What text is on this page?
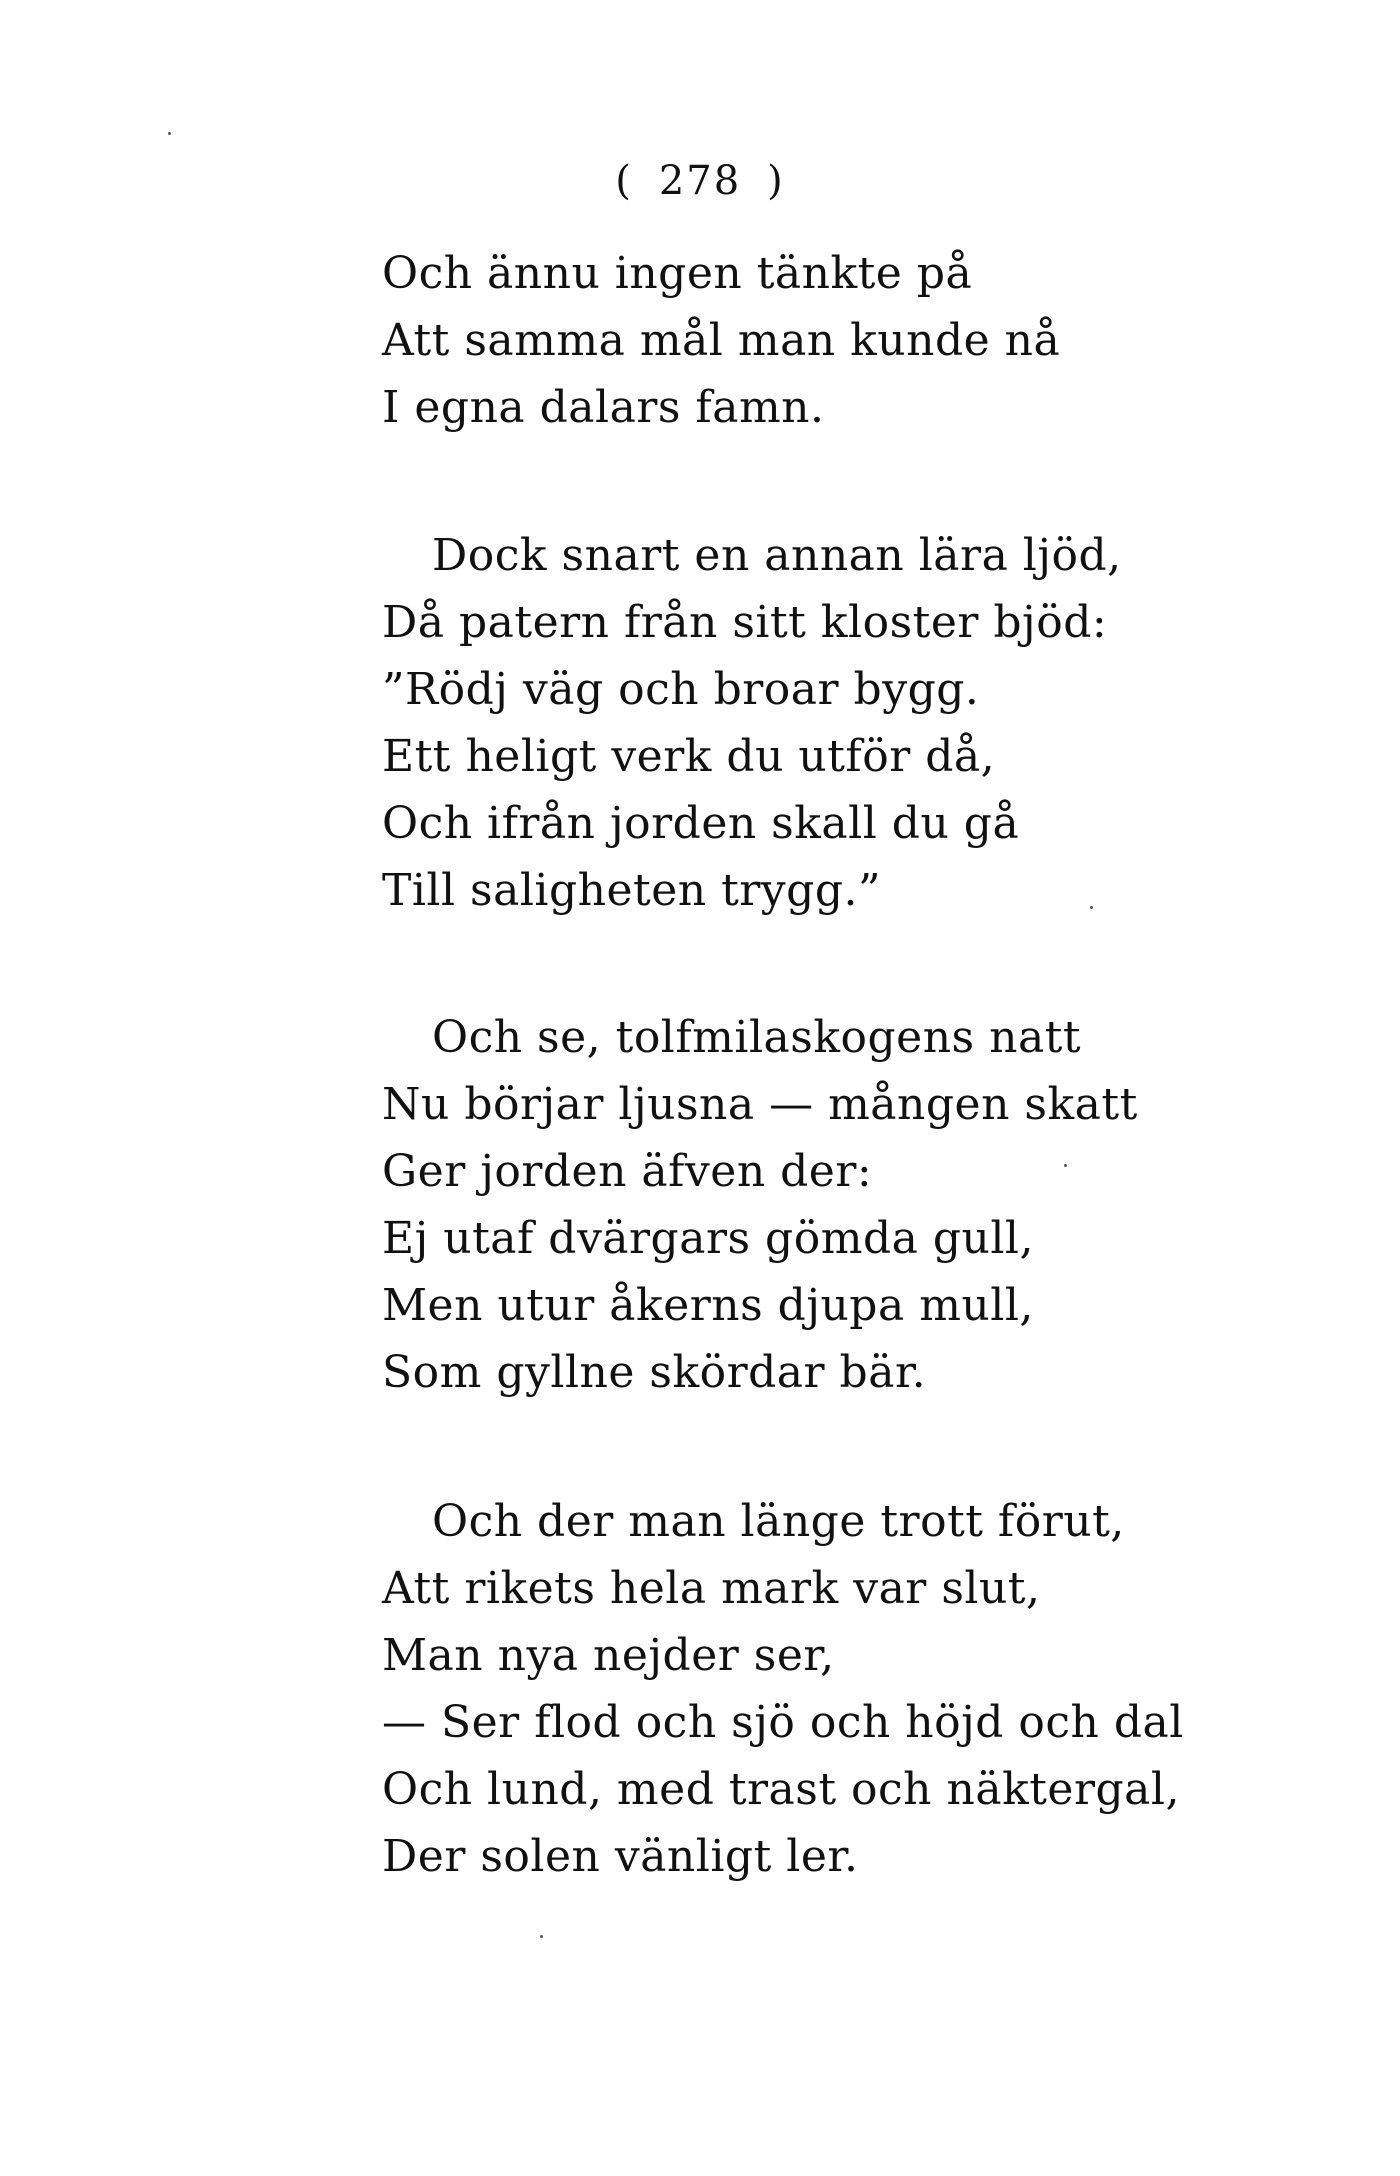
( 278 )
Och ännu ingen tänkte på
Att samma mål man kunde nå
I egna dalars famn.
Dock snart en annan lära ljöd,
Då patern från sitt kloster bjöd:
”Rödj väg och broar bygg.
Ett heligt verk du utför då,
Och ifrån jorden skall du gå
Till saligheten trygg.”
Och se, tolfmilaskogens natt
Nu börjar ljusna — mången skatt
Ger jorden äfven der:
Ej utaf dvärgars gömda gull,
Men utur åkerns djupa mull,
Som gyllne skördar bär.
Och der man länge trott förut,
Att rikets hela mark var slut,
Man nya nejder ser,
— Ser flod och sjö och höjd och dal
Och lund, med trast och näktergal,
Der solen vänligt ler.
